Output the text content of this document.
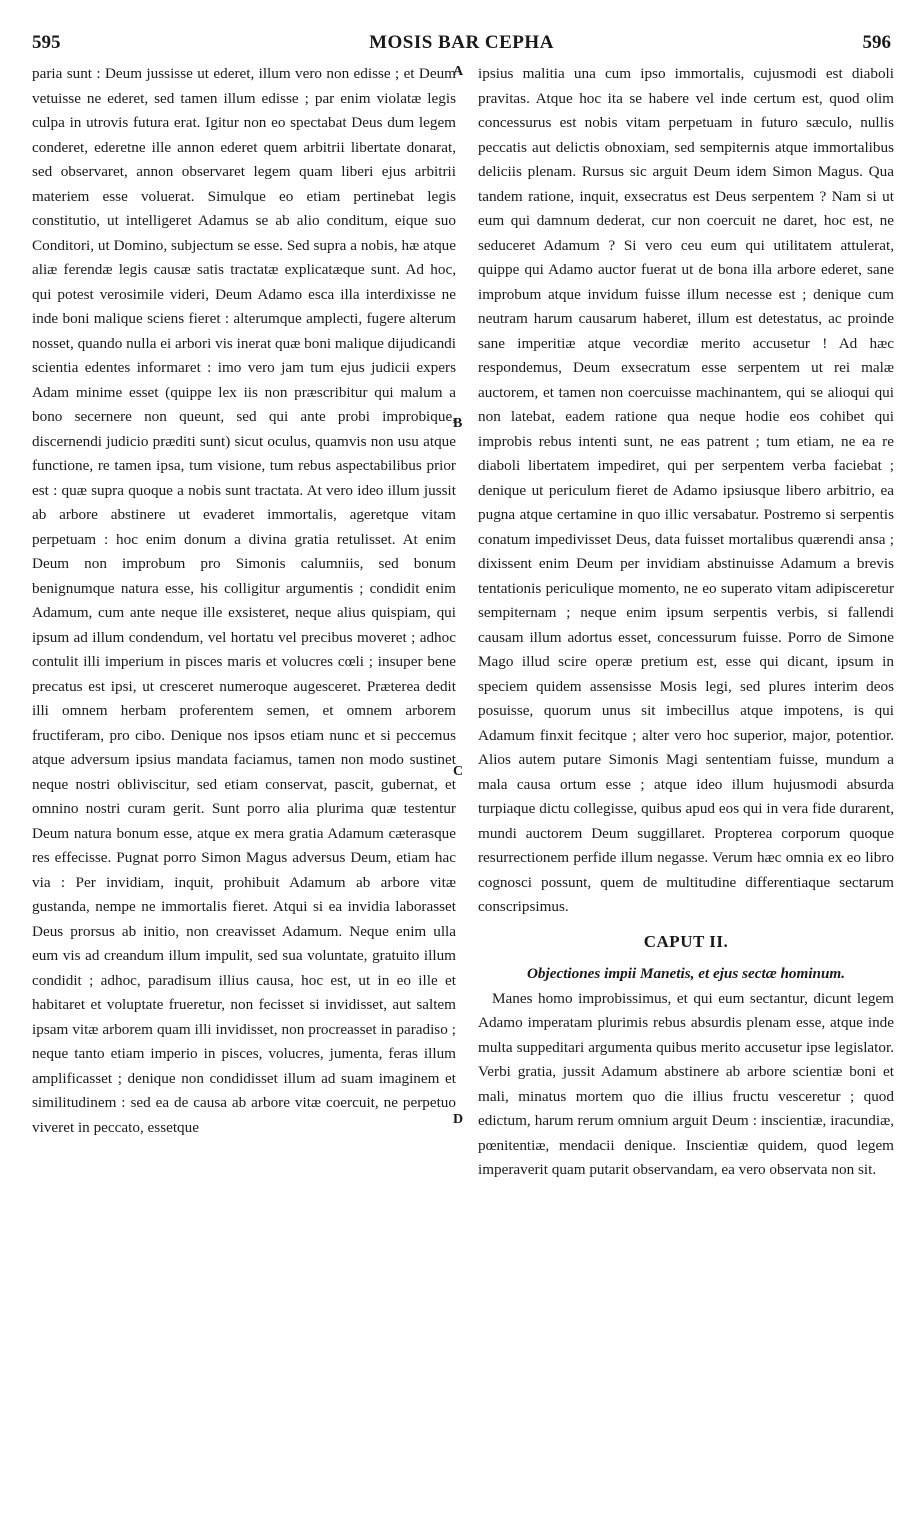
595	MOSIS BAR CEPHA	596

paria sunt : Deum jussisse ut ederet, illum vero non edisse ; et Deum vetuisse ne ederet, sed tamen illum edisse ; par enim violatæ legis culpa in utrovis futura erat. Igitur non eo spectabat Deus dum legem conderet, ederetne ille annon ederet quem arbitrii libertate donarat, sed observaret, annon observaret legem quam liberi ejus arbitrii materiem esse voluerat. Simulque eo etiam pertinebat legis constitutio, ut intelligeret Adamus se ab alio conditum, eique suo Conditori, ut Domino, subjectum se esse. Sed supra a nobis, hæ atque aliæ ferendæ legis causæ satis tractatæ explicatæque sunt. Ad hoc, qui potest verosimile videri, Deum Adamo esca illa interdixisse ne inde boni malique sciens fieret : alterumque amplecti, fugere alterum nosset, quando nulla ei arbori vis inerat quæ boni malique dijudicandi scientia edentes informaret : imo vero jam tum ejus judicii expers Adam minime esset (quippe lex iis non præscribitur qui malum a bono secernere non queunt, sed qui ante probi improbique, discernendi judicio præditi sunt) sicut oculus, quamvis non usu atque functione, re tamen ipsa, tum visione, tum rebus aspectabilibus prior est : quæ supra quoque a nobis sunt tractata. At vero ideo illum jussit ab arbore abstinere ut evaderet immortalis, ageretque vitam perpetuam : hoc enim donum a divina gratia retulisset. At enim Deum non improbum pro Simonis calumniis, sed bonum benignumque natura esse, his colligitur argumentis ; condidit enim Adamum, cum ante neque ille exsisteret, neque alius quispiam, qui ipsum ad illum condendum, vel hortatu vel precibus moveret ; adhoc contulit illi imperium in pisces maris et volucres cœli ; insuper bene precatus est ipsi, ut cresceret numeroque augesceret. Præterea dedit illi omnem herbam proferentem semen, et omnem arborem fructiferam, pro cibo. Denique nos ipsos etiam nunc et si peccemus atque adversum ipsius mandata faciamus, tamen non modo sustinet neque nostri obliviscitur, sed etiam conservat, pascit, gubernat, et omnino nostri curam gerit. Sunt porro alia plurima quæ testentur Deum natura bonum esse, atque ex mera gratia Adamum cæterasque res effecisse. Pugnat porro Simon Magus adversus Deum, etiam hac via : Per invidiam, inquit, prohibuit Adamum ab arbore vitæ gustanda, nempe ne immortalis fieret. Atqui si ea invidia laborasset Deus prorsus ab initio, non creavisset Adamum. Neque enim ulla eum vis ad creandum illum impulit, sed sua voluntate, gratuito illum condidit ; adhoc, paradisum illius causa, hoc est, ut in eo ille et habitaret et voluptate frueretur, non fecisset si invidisset, aut saltem ipsam vitæ arborem quam illi invidisset, non procreasset in paradiso ; neque tanto etiam imperio in pisces, volucres, jumenta, feras illum amplificasset ; denique non condidisset illum ad suam imaginem et similitudinem : sed ea de causa ab arbore vitæ coercuit, ne perpetuo viveret in peccato, essetque

A
B
C
D

ipsius malitia una cum ipso immortalis, cujusmodi est diaboli pravitas. Atque hoc ita se habere vel inde certum est, quod olim concessurus est nobis vitam perpetuam in futuro sæculo, nullis peccatis aut delictis obnoxiam, sed sempiternis atque immortalibus deliciis plenam. Rursus sic arguit Deum idem Simon Magus. Qua tandem ratione, inquit, exsecratus est Deus serpentem ? Nam si ut eum qui damnum dederat, cur non coercuit ne daret, hoc est, ne seduceret Adamum ? Si vero ceu eum qui utilitatem attulerat, quippe qui Adamo auctor fuerat ut de bona illa arbore ederet, sane improbum atque invidum fuisse illum necesse est ; denique cum neutram harum causarum haberet, illum est detestatus, ac proinde sane imperitiæ atque vecordiæ merito accusetur ! Ad hæc respondemus, Deum exsecratum esse serpentem ut rei malæ auctorem, et tamen non coercuisse machinantem, qui se alioqui qui non latebat, eadem ratione qua neque hodie eos cohibet qui improbis rebus intenti sunt, ne eas patrent ; tum etiam, ne ea re diaboli libertatem impediret, qui per serpentem verba faciebat ; denique ut periculum fieret de Adamo ipsiusque libero arbitrio, ea pugna atque certamine in quo illic versabatur. Postremo si serpentis conatum impedivisset Deus, data fuisset mortalibus quærendi ansa ; dixissent enim Deum per invidiam abstinuisse Adamum a brevis tentationis periculique momento, ne eo superato vitam adipisceretur sempiternam ; neque enim ipsum serpentis verbis, si fallendi causam illum adortus esset, concessurum fuisse. Porro de Simone Mago illud scire operæ pretium est, esse qui dicant, ipsum in speciem quidem assensisse Mosis legi, sed plures interim deos posuisse, quorum unus sit imbecillus atque impotens, is qui Adamum finxit fecitque ; alter vero hoc superior, major, potentior. Alios autem putare Simonis Magi sententiam fuisse, mundum a mala causa ortum esse ; atque ideo illum hujusmodi absurda turpiaque dictu collegisse, quibus apud eos qui in vera fide durarent, mundi auctorem Deum suggillaret. Propterea corporum quoque resurrectionem perfide illum negasse. Verum hæc omnia ex eo libro cognosci possunt, quem de multitudine differentiaque sectarum conscripsimus.

CAPUT II.

Objectiones impii Manetis, et ejus sectæ hominum.

Manes homo improbissimus, et qui eum sectantur, dicunt legem Adamo imperatam plurimis rebus absurdis plenam esse, atque inde multa suppeditari argumenta quibus merito accusetur ipse legislator. Verbi gratia, jussit Adamum abstinere ab arbore scientiæ boni et mali, minatus mortem quo die illius fructu vesceretur ; quod edictum, harum rerum omnium arguit Deum : inscientiæ, iracundiæ, pœnitentiæ, mendacii denique. Inscientiæ quidem, quod legem imperaverit quam putarit observandam, ea vero observata non sit.
